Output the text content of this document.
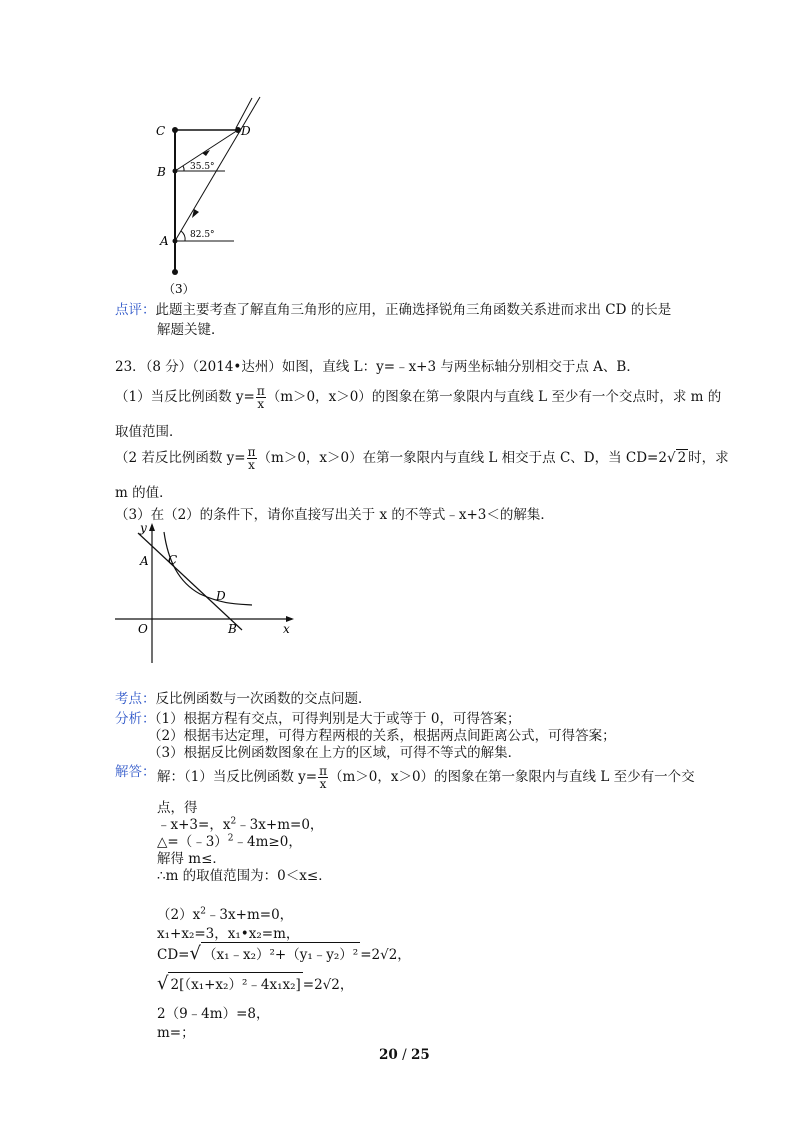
C	D
B
A
35.5°
82.5°
（3）
点评：此题主要考查了解直角三角形的应用，正确选择锐角三角函数关系进而求出 CD 的长是
解题关键．
23．（8 分）（2014•达州）如图，直线 L：y=﹣x+3 与两坐标轴分别相交于点 A、B．
（1）当反比例函数 $y= \frac{\pi}{x} (m>0$，x＞0）的图象在第一象限内与直线 L 至少有一个交点时，求 m 的
取值范围．
（2 若反比例函数 $y= \frac{\pi}{x} (m>0$，x＞0）在第一象限内与直线 L 相交于点 C、D，当 CD=2√ 2 时，求
m 的值．
（3）在（2）的条件下，请你直接写出关于 x 的不等式﹣x+3＜的解集．
y
A C
D
O	B	x
考点：反比例函数与一次函数的交点问题．
分析：
（1）根据方程有交点，可得判别是大于或等于 0，可得答案；
（2）根据韦达定理，可得方程两根的关系，根据两点间距离公式，可得答案；
（3）根据反比例函数图象在上方的区域，可得不等式的解集．
解答： 解：（1）当反比例函数 $y= \frac{\pi}{x} (m>0$，x＞0）的图象在第一象限内与直线 L 至少有一个交
点，得
﹣x+3=，$x^2﹣3x+m=0$，
△=（﹣3）$^2$﹣4m≥0，
解得 m≤．
∴m 的取值范围为：0＜x≤．
$(2)x^2﹣3x+m=0$，
x₁+x₂=3，x₁•x₂=m，
CD=√ （x₁﹣x₂）²+（y₁﹣y₂）² =2√2，
√ 2[（x₁+x₂）²﹣4x₁x₂] =2√2，
2（9﹣4m）=8，
m=；
20 / 25
